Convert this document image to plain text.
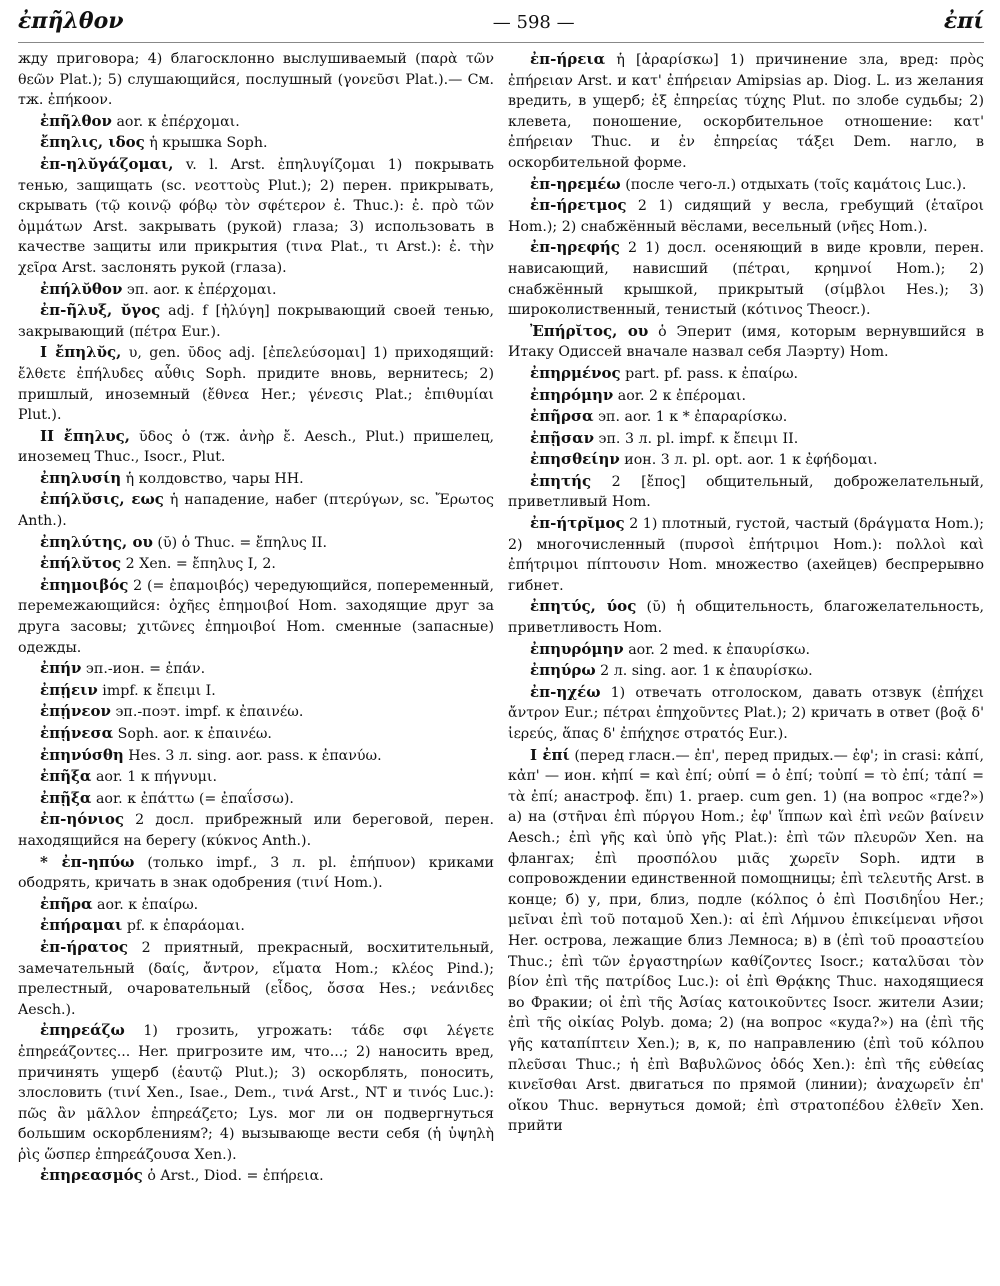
ἐπῆλθον	— 598 —	ἐπί

жду приговора; 4) благосклонно выслушиваемый (παρὰ τῶν θεῶν Plat.); 5) слушающийся, послушный (γονεῦσι Plat.).— См. тж. ἐπήκοον.

ἐπῆλθον aor. к ἐπέρχομαι.

ἔπηλις, ιδος ἡ крышка Soph.

ἐπ-ηλῠγάζομαι, v. l. Arst. ἐπηλυγίζομαι 1) покрывать тенью, защищать (sc. νεοττοὺς Plut.); 2) перен. прикрывать, скрывать (τῷ κοινῷ φόβῳ τὸν σφέτερον ἐ. Thuc.): ἐ. πρὸ τῶν ὀμμάτων Arst. закрывать (рукой) глаза; 3) использовать в качестве защиты или прикрытия (τινα Plat., τι Arst.): ἐ. τὴν χεῖρα Arst. заслонять рукой (глаза).

ἐπήλῠθον эп. aor. к ἐπέρχομαι.

ἐπ-ῆλυξ, ῠγος adj. f [ἠλύγη] покрывающий своей тенью, закрывающий (πέτρα Eur.).

I ἔπηλῠς, υ, gen. ῠδος adj. [ἐπελεύσομαι] 1) приходящий: ἔλθετε ἐπήλυδες αὖθις Soph. придите вновь, вернитесь; 2) пришлый, иноземный (ἔθνεα Her.; γένεσις Plat.; ἐπιθυμίαι Plut.).

II ἔπηλυς, ῠδος ὁ (тж. ἀνὴρ ἔ. Aesch., Plut.) пришелец, иноземец Thuc., Isocr., Plut.

ἐπηλυσίη ἡ колдовство, чары HH.

ἐπήλῠσις, εως ἡ нападение, набег (πτερύγων, sc. Ἔρωτος Anth.).

ἐπηλύτης, ου (ῠ) ὁ Thuc. = ἔπηλυς II.

ἐπήλῠτος 2 Xen. = ἔπηλυς I, 2.

ἐπημοιβός 2 (= ἐπαμοιβός) чередующийся, попеременный, перемежающийся: ὀχῆες ἐπημοιβοί Hom. заходящие друг за друга засовы; χιτῶνες ἐπημοιβοί Hom. сменные (запасные) одежды.

ἐπήν эп.-ион. = ἐπάν.

ἐπῄειν impf. к ἔπειμι I.

ἐπῄνεον эп.-поэт. impf. к ἐπαινέω.

ἐπῄνεσα Soph. aor. к ἐπαινέω.

ἐπηνύσθη Hes. 3 л. sing. aor. pass. к ἐπανύω.

ἐπῆξα aor. 1 к πήγνυμι.

ἐπῇξα aor. к ἐπάττω (= ἐπαΐσσω).

ἐπ-ηόνιος 2 досл. прибрежный или береговой, перен. находящийся на берегу (κύκνος Anth.).

* ἐπ-ηπύω (только impf., 3 л. pl. ἐπήπυον) криками ободрять, кричать в знак одобрения (τινί Hom.).

ἐπῆρα aor. к ἐπαίρω.

ἐπήραμαι pf. к ἐπαράομαι.

ἐπ-ήρατος 2 приятный, прекрасный, восхитительный, замечательный (δαίς, ἄντρον, εἵματα Hom.; κλέος Pind.); прелестный, очаровательный (εἶδος, ὄσσα Hes.; νεάνιδες Aesch.).

ἐπηρεάζω 1) грозить, угрожать: τάδε σφι λέγετε ἐπηρεάζοντες... Her. пригрозите им, что...; 2) наносить вред, причинять ущерб (ἑαυτῷ Plut.); 3) оскорблять, поносить, злословить (τινί Xen., Isae., Dem., τινά Arst., NT и τινός Luc.): πῶς ἂν μᾶλλον ἐπηρεάζετο; Lys. мог ли он подвергнуться большим оскорблениям?; 4) вызывающе вести себя (ἡ ὑψηλὴ ῥὶς ὥσπερ ἐπηρεάζουσα Xen.).

ἐπηρεασμός ὁ Arst., Diod. = ἐπήρεια.

ἐπ-ήρεια ἡ [ἀραρίσκω] 1) причинение зла, вред: πρὸς ἐπήρειαν Arst. и κατ' ἐπήρειαν Amipsias ap. Diog. L. из желания вредить, в ущерб; ἐξ ἐπηρείας τύχης Plut. по злобе судьбы; 2) клевета, поношение, оскорбительное отношение: κατ' ἐπήρειαν Thuc. и ἐν ἐπηρείας τάξει Dem. нагло, в оскорбительной форме.

ἐπ-ηρεμέω (после чего-л.) отдыхать (τοῖς καμάτοις Luc.).

ἐπ-ήρετμος 2 1) сидящий у весла, гребущий (ἑταῖροι Hom.); 2) снабжённый вёслами, весельный (νῆες Hom.).

ἐπ-ηρεφής 2 1) досл. осеняющий в виде кровли, перен. нависающий, нависший (πέτραι, κρημνοί Hom.); 2) снабжённый крышкой, прикрытый (σίμβλοι Hes.); 3) широколиственный, тенистый (κότινος Theocr.).

Ἐπήρῐτος, ου ὁ Эперит (имя, которым вернувшийся в Итаку Одиссей вначале назвал себя Лаэрту) Hom.

ἐπηρμένος part. pf. pass. к ἐπαίρω.

ἐπηρόμην aor. 2 к ἐπέρομαι.

ἐπῆρσα эп. aor. 1 к * ἐπαραρίσκω.

ἐπῇσαν эп. 3 л. pl. impf. к ἔπειμι II.

ἐπησθείην ион. 3 л. pl. opt. aor. 1 к ἐφήδομαι.

ἐπητής 2 [ἔπος] общительный, доброжелательный, приветливый Hom.

ἐπ-ήτρῐμος 2 1) плотный, густой, частый (δράγματα Hom.); 2) многочисленный (πυρσοὶ ἐπήτριμοι Hom.): πολλοὶ καὶ ἐπήτριμοι πίπτουσιν Hom. множество (ахейцев) беспрерывно гибнет.

ἐπητύς, ύος (ῠ) ἡ общительность, благожелательность, приветливость Hom.

ἐπηυρόμην aor. 2 med. к ἐπαυρίσκω.

ἐπηύρω 2 л. sing. aor. 1 к ἐπαυρίσκω.

ἐπ-ηχέω 1) отвечать отголоском, давать отзвук (ἐπήχει ἄντρον Eur.; πέτραι ἐπηχοῦντες Plat.); 2) кричать в ответ (βοᾷ δ' ἱερεύς, ἅπας δ' ἐπήχησε στρατός Eur.).

I ἐπί (перед гласн.— ἐπ', перед придых.— ἐφ'; in crasi: κἀπί, κἀπ' — ион. κἠπί = καὶ ἐπί; οὑπί = ὁ ἐπί; τοὐπί = τὸ ἐπί; τἀπί = τὰ ἐπί; анастроф. ἔπι) 1. praep. cum gen. 1) (на вопрос «где?») а) на (στῆναι ἐπὶ πύργου Hom.; ἐφ' ἵππων καὶ ἐπὶ νεῶν βαίνειν Aesch.; ἐπὶ γῆς καὶ ὑπὸ γῆς Plat.): ἐπὶ τῶν πλευρῶν Xen. на флангах; ἐπὶ προσπόλου μιᾶς χωρεῖν Soph. идти в сопровождении единственной помощницы; ἐπὶ τελευτῆς Arst. в конце; б) у, при, близ, подле (κόλπος ὁ ἐπὶ Ποσιδηΐου Her.; μεῖναι ἐπὶ τοῦ ποταμοῦ Xen.): αἱ ἐπὶ Λήμνου ἐπικείμεναι νῆσοι Her. острова, лежащие близ Лемноса; в) в (ἐπὶ τοῦ προαστείου Thuc.; ἐπὶ τῶν ἐργαστηρίων καθίζοντες Isocr.; καταλῦσαι τὸν βίον ἐπὶ τῆς πατρίδος Luc.): οἱ ἐπὶ Θρᾴκης Thuc. находящиеся во Фракии; οἱ ἐπὶ τῆς Ἀσίας κατοικοῦντες Isocr. жители Азии; ἐπὶ τῆς οἰκίας Polyb. дома; 2) (на вопрос «куда?») на (ἐπὶ τῆς γῆς καταπίπτειν Xen.); в, к, по направлению (ἐπὶ τοῦ κόλπου πλεῦσαι Thuc.; ἡ ἐπὶ Βαβυλῶνος ὁδός Xen.): ἐπὶ τῆς εὐθείας κινεῖσθαι Arst. двигаться по прямой (линии); ἀναχωρεῖν ἐπ' οἴκου Thuc. вернуться домой; ἐπὶ στρατοπέδου ἐλθεῖν Xen. прийти
